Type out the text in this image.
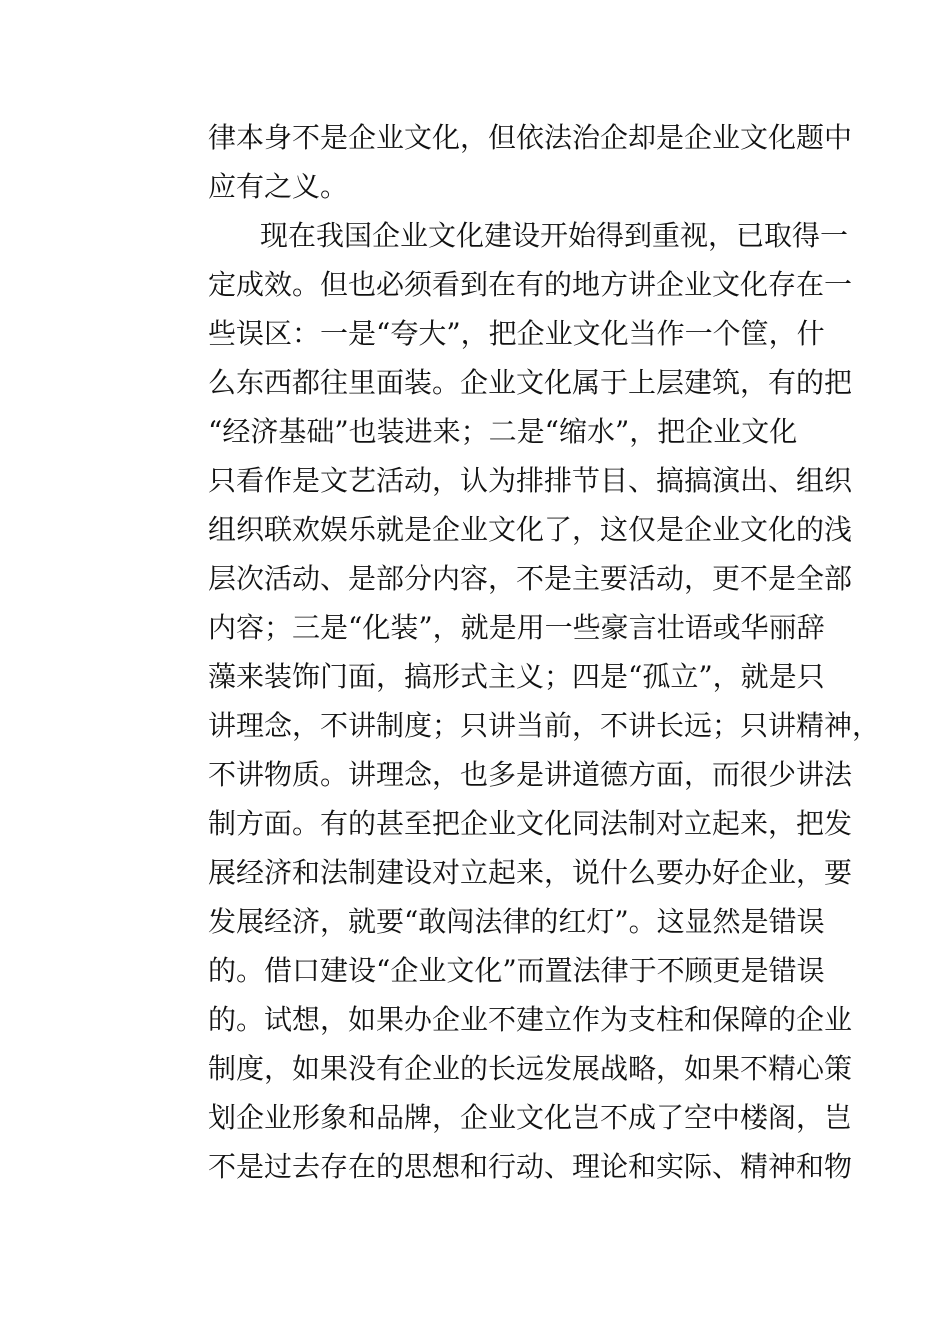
律本身不是企业文化，但依法治企却是企业文化题中
应有之义。
现在我国企业文化建设开始得到重视，已取得一
定成效。但也必须看到在有的地方讲企业文化存在一
些误区：一是“夸大”，把企业文化当作一个筐，什
么东西都往里面装。企业文化属于上层建筑，有的把
“经济基础”也装进来；二是“缩水”，把企业文化
只看作是文艺活动，认为排排节目、搞搞演出、组织
组织联欢娱乐就是企业文化了，这仅是企业文化的浅
层次活动、是部分内容，不是主要活动，更不是全部
内容；三是“化装”，就是用一些豪言壮语或华丽辞
藻来装饰门面，搞形式主义；四是“孤立”，就是只
讲理念，不讲制度；只讲当前，不讲长远；只讲精神，
不讲物质。讲理念，也多是讲道德方面，而很少讲法
制方面。有的甚至把企业文化同法制对立起来，把发
展经济和法制建设对立起来，说什么要办好企业，要
发展经济，就要“敢闯法律的红灯”。这显然是错误
的。借口建设“企业文化”而置法律于不顾更是错误
的。试想，如果办企业不建立作为支柱和保障的企业
制度，如果没有企业的长远发展战略，如果不精心策
划企业形象和品牌，企业文化岂不成了空中楼阁，岂
不是过去存在的思想和行动、理论和实际、精神和物
